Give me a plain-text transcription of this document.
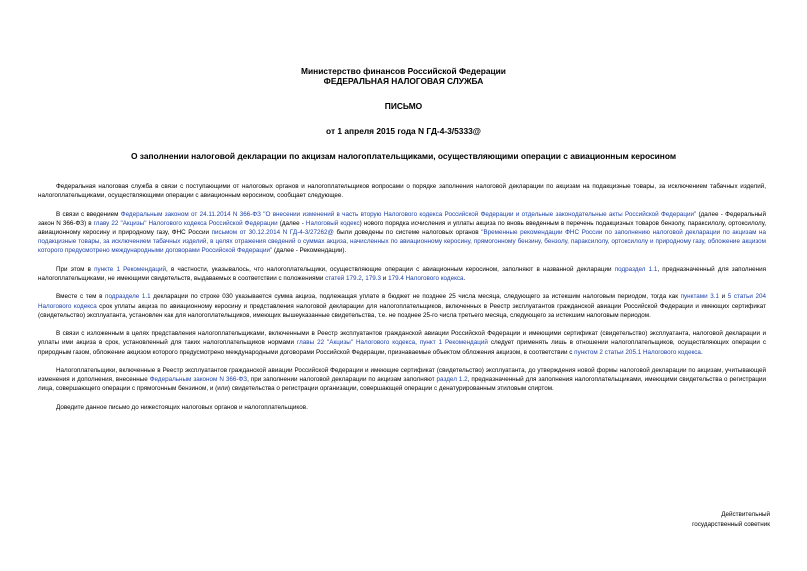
Министерство финансов Российской Федерации
ФЕДЕРАЛЬНАЯ НАЛОГОВАЯ СЛУЖБА
ПИСЬМО
от 1 апреля 2015 года N ГД-4-3/5333@
О заполнении налоговой декларации по акцизам налогоплательщиками, осуществляющими операции с авиационным керосином

Федеральная налоговая служба в связи с поступающими от налоговых органов и налогоплательщиков вопросами о порядке заполнения налоговой декларации по акцизам на подакцизные товары, за исключением табачных изделий, налогоплательщиками, осуществляющими операции с авиационным керосином, сообщает следующее.

В связи с введением Федеральным законом от 24.11.2014 N 366-ФЗ "О внесении изменений в часть вторую Налогового кодекса Российской Федерации и отдельные законодательные акты Российской Федерации" (далее - Федеральный закон N 366-ФЗ) в главу 22 "Акцизы" Налогового кодекса Российской Федерации (далее - Налоговый кодекс) нового порядка исчисления и уплаты акциза по вновь введенным в перечень подакцизных товаров бензолу, параксилолу, ортоксилолу, авиационному керосину и природному газу, ФНС России письмом от 30.12.2014 N ГД-4-3/27262@ были доведены по системе налоговых органов "Временные рекомендации ФНС России по заполнению налоговой декларации по акцизам на подакцизные товары, за исключением табачных изделий, в целях отражения сведений о суммах акциза, начисленных по авиационному керосину, прямогонному бензину, бензолу, параксилолу, ортоксилолу и природному газу, обложение акцизом которого предусмотрено международными договорами Российской Федерации" (далее - Рекомендации).

При этом в пункте 1 Рекомендаций, в частности, указывалось, что налогоплательщики, осуществляющие операции с авиационным керосином, заполняют в названной декларации подраздел 1.1, предназначенный для заполнения налогоплательщиками, не имеющими свидетельств, выдаваемых в соответствии с положениями статей 179.2, 179.3 и 179.4 Налогового кодекса.

Вместе с тем в подразделе 1.1 декларации по строке 030 указывается сумма акциза, подлежащая уплате в бюджет не позднее 25 числа месяца, следующего за истекшим налоговым периодом, тогда как пунктами 3.1 и 5 статьи 204 Налогового кодекса срок уплаты акциза по авиационному керосину и представления налоговой декларации для налогоплательщиков, включенных в Реестр эксплуатантов гражданской авиации Российской Федерации и имеющих сертификат (свидетельство) эксплуатанта, установлен как для налогоплательщиков, имеющих вышеуказанные свидетельства, т.е. не позднее 25-го числа третьего месяца, следующего за истекшим налоговым периодом.

В связи с изложенным в целях представления налогоплательщиками, включенными в Реестр эксплуатантов гражданской авиации Российской Федерации и имеющими сертификат (свидетельство) эксплуатанта, налоговой декларации и уплаты ими акциза в срок, установленный для таких налогоплательщиков нормами главы 22 "Акцизы" Налогового кодекса, пункт 1 Рекомендаций следует применять лишь в отношении налогоплательщиков, осуществляющих операции с природным газом, обложение акцизом которого предусмотрено международными договорами Российской Федерации, признаваемые объектом обложения акцизом, в соответствии с пунктом 2 статьи 205.1 Налогового кодекса.

Налогоплательщики, включенные в Реестр эксплуатантов гражданской авиации Российской Федерации и имеющие сертификат (свидетельство) эксплуатанта, до утверждения новой формы налоговой декларации по акцизам, учитывающей изменения и дополнения, внесенные Федеральным законом N 366-ФЗ, при заполнении налоговой декларации по акцизам заполняют раздел 1.2, предназначенный для заполнения налогоплательщиками, имеющими свидетельства о регистрации лица, совершающего операции с прямогонным бензином, и (или) свидетельства о регистрации организации, совершающей операции с денатурированным этиловым спиртом.

Доведите данное письмо до нижестоящих налоговых органов и налогоплательщиков.

Действительный
государственный советник
